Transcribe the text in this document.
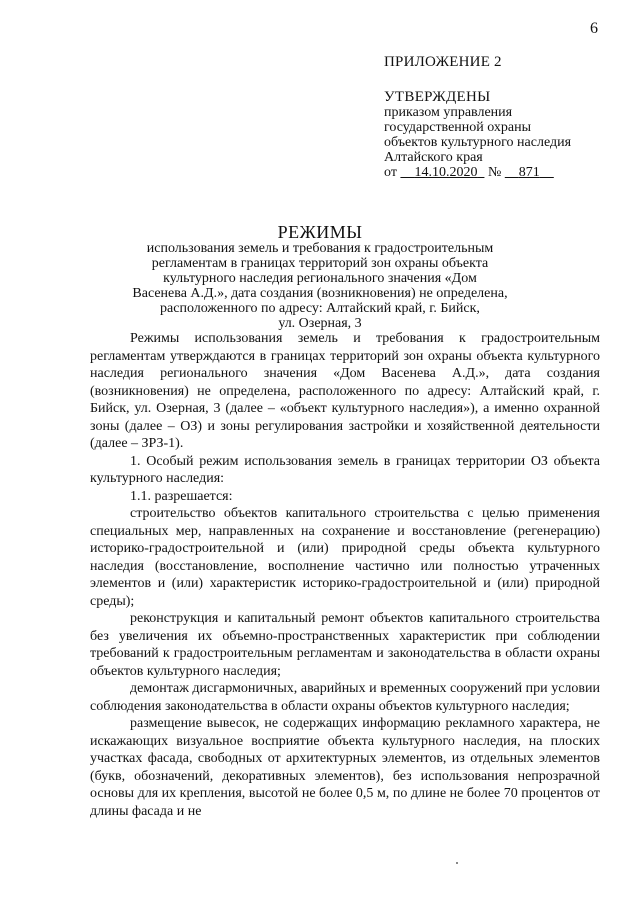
6
ПРИЛОЖЕНИЕ 2
УТВЕРЖДЕНЫ
приказом управления
государственной охраны
объектов культурного наследия
Алтайского края
от 14.10.2020 № 871
РЕЖИМЫ
использования земель и требования к градостроительным
регламентам в границах территорий зон охраны объекта
культурного наследия регионального значения «Дом
Васенева А.Д.», дата создания (возникновения) не определена,
расположенного по адресу: Алтайский край, г. Бийск,
ул. Озерная, 3

Режимы использования земель и требования к градостроительным регламентам утверждаются в границах территорий зон охраны объекта культурного наследия регионального значения «Дом Васенева А.Д.», дата создания (возникновения) не определена, расположенного по адресу: Алтайский край, г. Бийск, ул. Озерная, 3 (далее – «объект культурного наследия»), а именно охранной зоны (далее – ОЗ) и зоны регулирования застройки и хозяйственной деятельности (далее – ЗРЗ-1).

1. Особый режим использования земель в границах территории ОЗ объекта культурного наследия:

1.1. разрешается:

строительство объектов капитального строительства с целью применения специальных мер, направленных на сохранение и восстановление (регенерацию) историко-градостроительной и (или) природной среды объекта культурного наследия (восстановление, восполнение частично или полностью утраченных элементов и (или) характеристик историко-градостроительной и (или) природной среды);

реконструкция и капитальный ремонт объектов капитального строительства без увеличения их объемно-пространственных характеристик при соблюдении требований к градостроительным регламентам и законодательства в области охраны объектов культурного наследия;

демонтаж дисгармоничных, аварийных и временных сооружений при условии соблюдения законодательства в области охраны объектов культурного наследия;

размещение вывесок, не содержащих информацию рекламного характера, не искажающих визуальное восприятие объекта культурного наследия, на плоских участках фасада, свободных от архитектурных элементов, из отдельных элементов (букв, обозначений, декоративных элементов), без использования непрозрачной основы для их крепления, высотой не более 0,5 м, по длине не более 70 процентов от длины фасада и не
